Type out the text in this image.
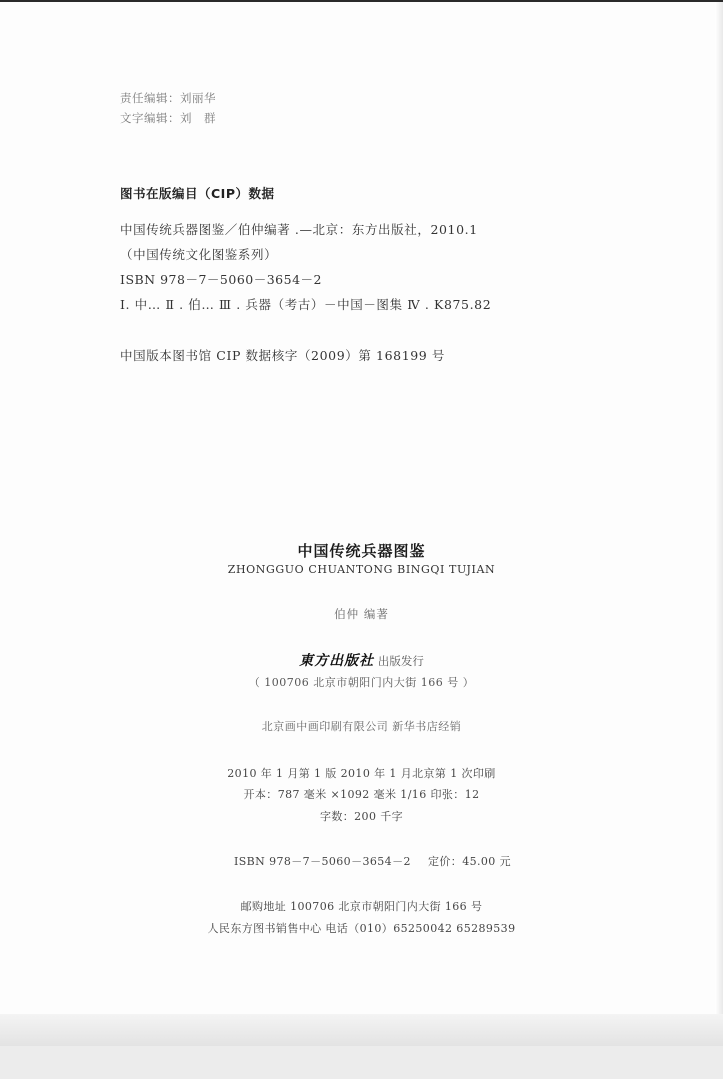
责任编辑：刘丽华
文字编辑：刘　群
图书在版编目（CIP）数据
中国传统兵器图鉴／伯仲编著 .—北京：东方出版社，2010.1
（中国传统文化图鉴系列）
ISBN 978－7－5060－3654－2
Ⅰ. 中… Ⅱ . 伯… Ⅲ . 兵器（考古）－中国－图集 Ⅳ . K875.82
中国版本图书馆 CIP 数据核字（2009）第 168199 号
中国传统兵器图鉴
ZHONGGUO CHUANTONG BINGQI TUJIAN
伯仲 编著
東方出版社 出版发行
（ 100706 北京市朝阳门内大街 166 号 ）
北京画中画印刷有限公司 新华书店经销
2010 年 1 月第 1 版 2010 年 1 月北京第 1 次印刷
开本：787 毫米 ×1092 毫米 1/16 印张：12
字数：200 千字
ISBN 978－7－5060－3654－2 定价：45.00 元
邮购地址 100706 北京市朝阳门内大街 166 号
人民东方图书销售中心 电话（010）65250042 65289539
